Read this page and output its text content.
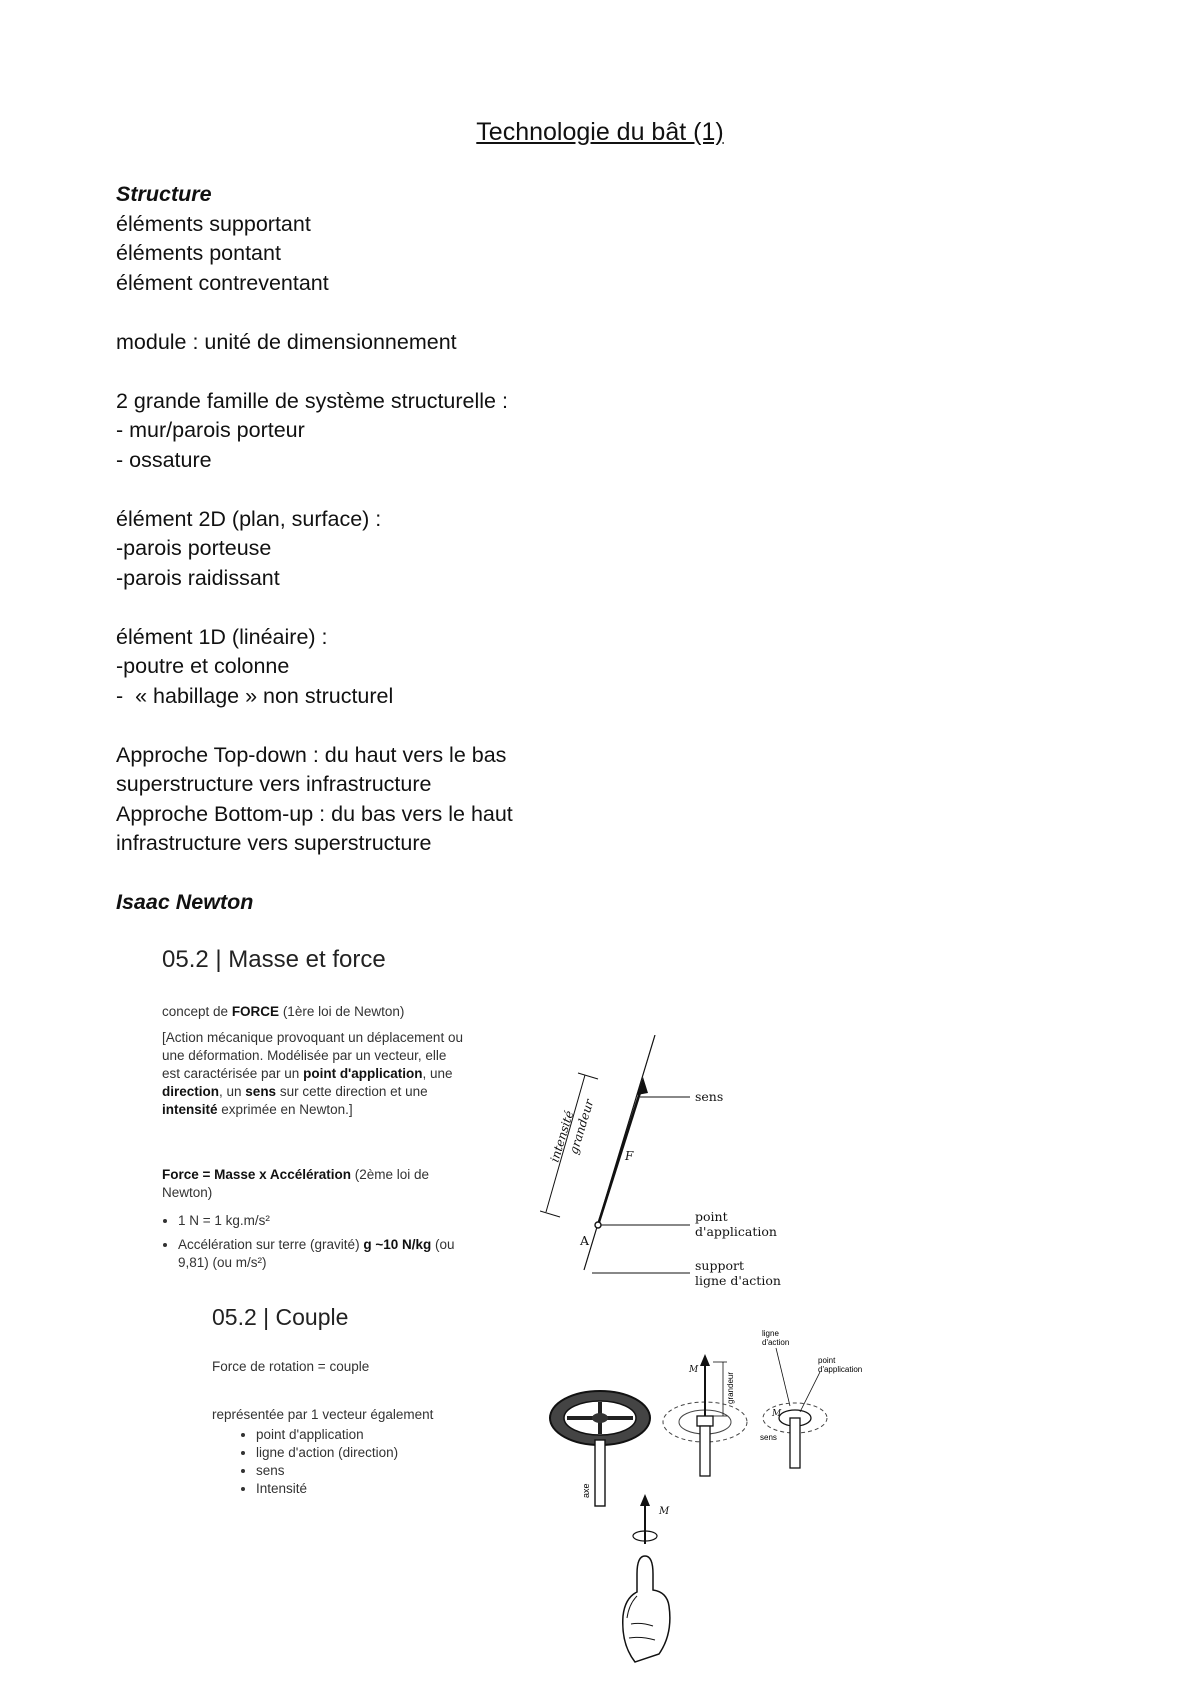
Technologie du bât (1)
Structure
éléments supportant
éléments pontant
élément contreventant
module : unité de dimensionnement
2 grande famille de système structurelle :
- mur/parois porteur
- ossature
élément 2D (plan, surface) :
-parois porteuse
-parois raidissant
élément 1D (linéaire) :
-poutre et colonne
-  « habillage » non structurel
Approche Top-down : du haut vers le bas
superstructure vers infrastructure
Approche Bottom-up : du bas vers le haut
infrastructure vers superstructure
Isaac Newton
05.2 | Masse et force
concept de FORCE (1ère loi de Newton)
[Action mécanique provoquant un déplacement ou une déformation. Modélisée par un vecteur, elle est caractérisée par un point d'application, une direction, un sens sur cette direction et une intensité exprimée en Newton.]
Force = Masse x Accélération (2ème loi de Newton)
• 1 N = 1 kg.m/s²
• Accélération sur terre (gravité) g ~10 N/kg (ou 9,81) (ou m/s²)
intensité
grandeur
F
A
sens
point
d'application
support
ligne d'action
05.2 | Couple
Force de rotation = couple
représentée par 1 vecteur également
• point d'application
• ligne d'action (direction)
• sens
• Intensité	axe
M
grandeur
ligne
d'action
point
d'application
M
sens
M
